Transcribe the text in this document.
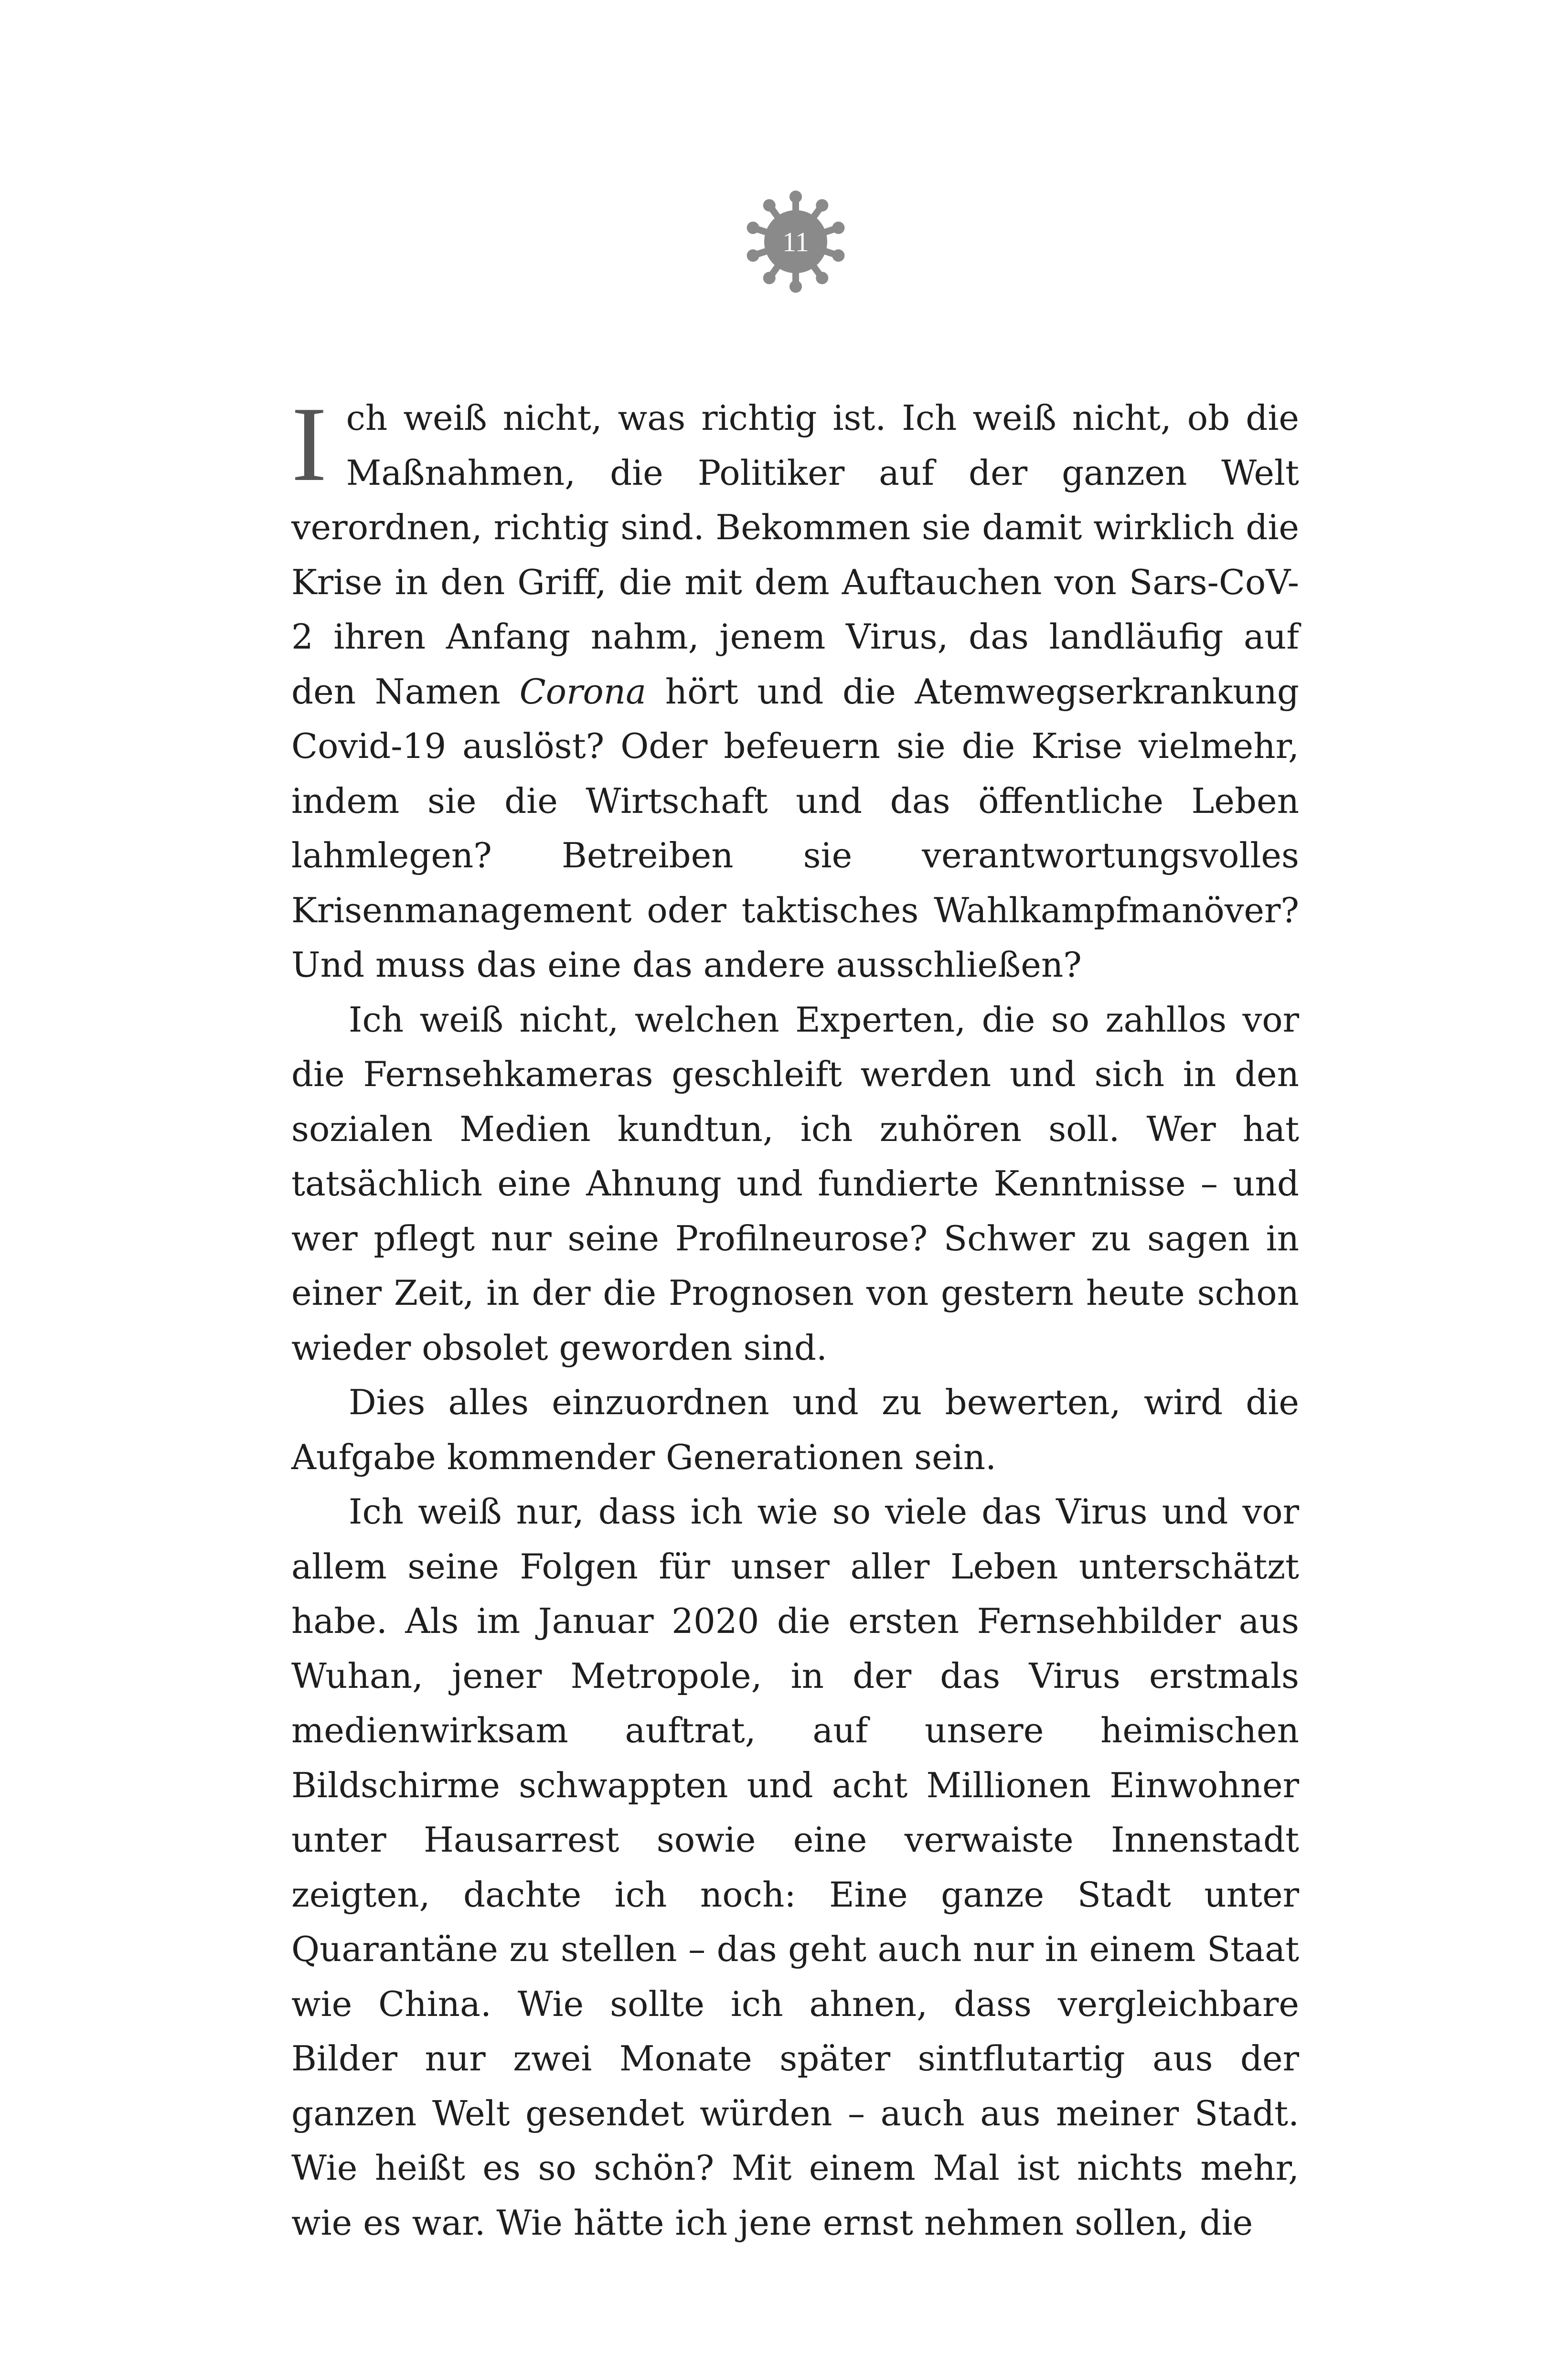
11

Ich weiß nicht, was richtig ist. Ich weiß nicht, ob die Maßnahmen, die Politiker auf der ganzen Welt verordnen, richtig sind. Bekommen sie damit wirklich die Krise in den Griff, die mit dem Auftauchen von Sars-CoV-2 ihren Anfang nahm, jenem Virus, das landläufig auf den Namen Corona hört und die Atemwegserkrankung Covid-19 auslöst? Oder befeuern sie die Krise vielmehr, indem sie die Wirtschaft und das öffentliche Leben lahmlegen? Betreiben sie verantwortungsvolles Krisenmanagement oder taktisches Wahlkampfmanöver? Und muss das eine das andere ausschließen?

Ich weiß nicht, welchen Experten, die so zahllos vor die Fernsehkameras geschleift werden und sich in den sozialen Medien kundtun, ich zuhören soll. Wer hat tatsächlich eine Ahnung und fundierte Kenntnisse – und wer pflegt nur seine Profilneurose? Schwer zu sagen in einer Zeit, in der die Prognosen von gestern heute schon wieder obsolet geworden sind.

Dies alles einzuordnen und zu bewerten, wird die Aufgabe kommender Generationen sein.

Ich weiß nur, dass ich wie so viele das Virus und vor allem seine Folgen für unser aller Leben unterschätzt habe. Als im Januar 2020 die ersten Fernsehbilder aus Wuhan, jener Metropole, in der das Virus erstmals medienwirksam auftrat, auf unsere heimischen Bildschirme schwappten und acht Millionen Einwohner unter Hausarrest sowie eine verwaiste Innenstadt zeigten, dachte ich noch: Eine ganze Stadt unter Quarantäne zu stellen – das geht auch nur in einem Staat wie China. Wie sollte ich ahnen, dass vergleichbare Bilder nur zwei Monate später sintflutartig aus der ganzen Welt gesendet würden – auch aus meiner Stadt. Wie heißt es so schön? Mit einem Mal ist nichts mehr, wie es war. Wie hätte ich jene ernst nehmen sollen, die
